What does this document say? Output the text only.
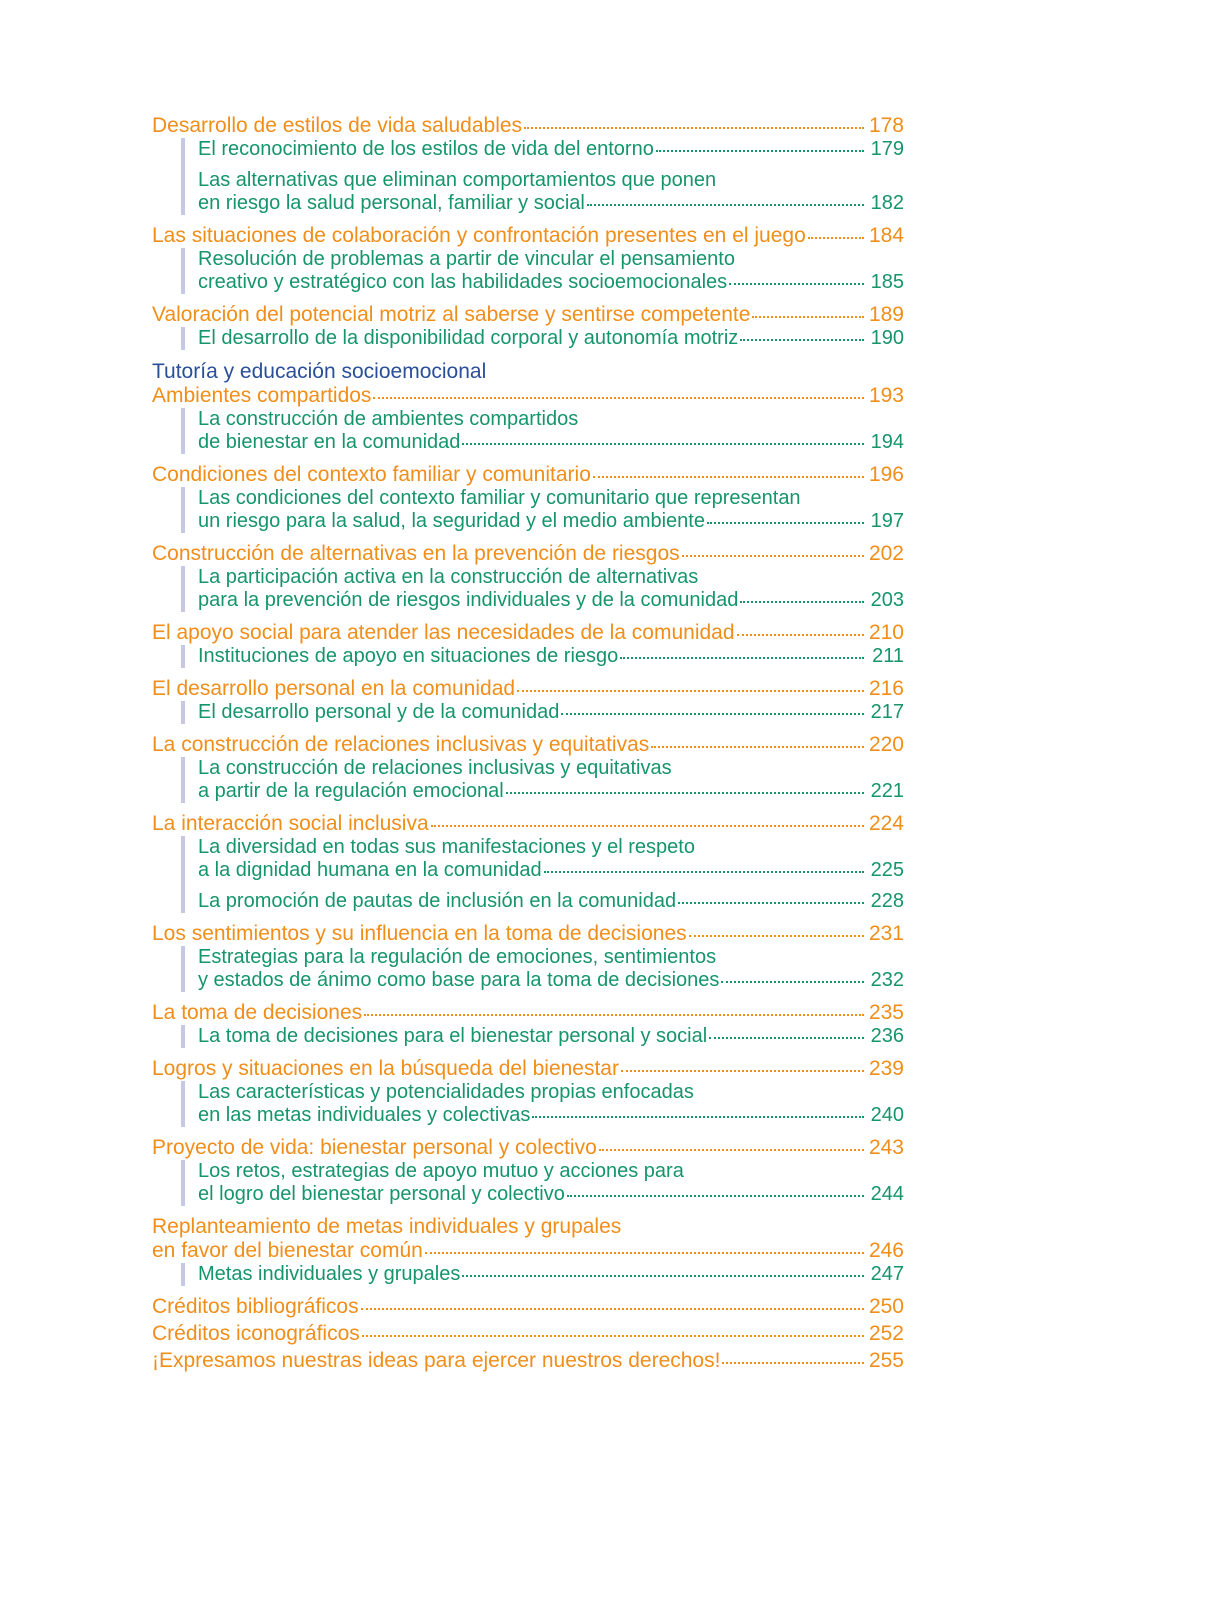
Desarrollo de estilos de vida saludables	178
El reconocimiento de los estilos de vida del entorno	179
Las alternativas que eliminan comportamientos que ponen
en riesgo la salud personal, familiar y social	182
Las situaciones de colaboración y confrontación presentes en el juego	184
Resolución de problemas a partir de vincular el pensamiento
creativo y estratégico con las habilidades socioemocionales	185
Valoración del potencial motriz al saberse y sentirse competente	189
El desarrollo de la disponibilidad corporal y autonomía motriz	190
Tutoría y educación socioemocional
Ambientes compartidos	193
La construcción de ambientes compartidos
de bienestar en la comunidad	194
Condiciones del contexto familiar y comunitario	196
Las condiciones del contexto familiar y comunitario que representan
un riesgo para la salud, la seguridad y el medio ambiente	197
Construcción de alternativas en la prevención de riesgos	202
La participación activa en la construcción de alternativas
para la prevención de riesgos individuales y de la comunidad	203
El apoyo social para atender las necesidades de la comunidad	210
Instituciones de apoyo en situaciones de riesgo	211
El desarrollo personal en la comunidad	216
El desarrollo personal y de la comunidad	217
La construcción de relaciones inclusivas y equitativas	220
La construcción de relaciones inclusivas y equitativas
a partir de la regulación emocional	221
La interacción social inclusiva	224
La diversidad en todas sus manifestaciones y el respeto
a la dignidad humana en la comunidad	225
La promoción de pautas de inclusión en la comunidad	228
Los sentimientos y su influencia en la toma de decisiones	231
Estrategias para la regulación de emociones, sentimientos
y estados de ánimo como base para la toma de decisiones	232
La toma de decisiones	235
La toma de decisiones para el bienestar personal y social	236
Logros y situaciones en la búsqueda del bienestar	239
Las características y potencialidades propias enfocadas
en las metas individuales y colectivas	240
Proyecto de vida: bienestar personal y colectivo	243
Los retos, estrategias de apoyo mutuo y acciones para
el logro del bienestar personal y colectivo	244
Replanteamiento de metas individuales y grupales
en favor del bienestar común	246
Metas individuales y grupales	247
Créditos bibliográficos	250
Créditos iconográficos	252
¡Expresamos nuestras ideas para ejercer nuestros derechos!	255
